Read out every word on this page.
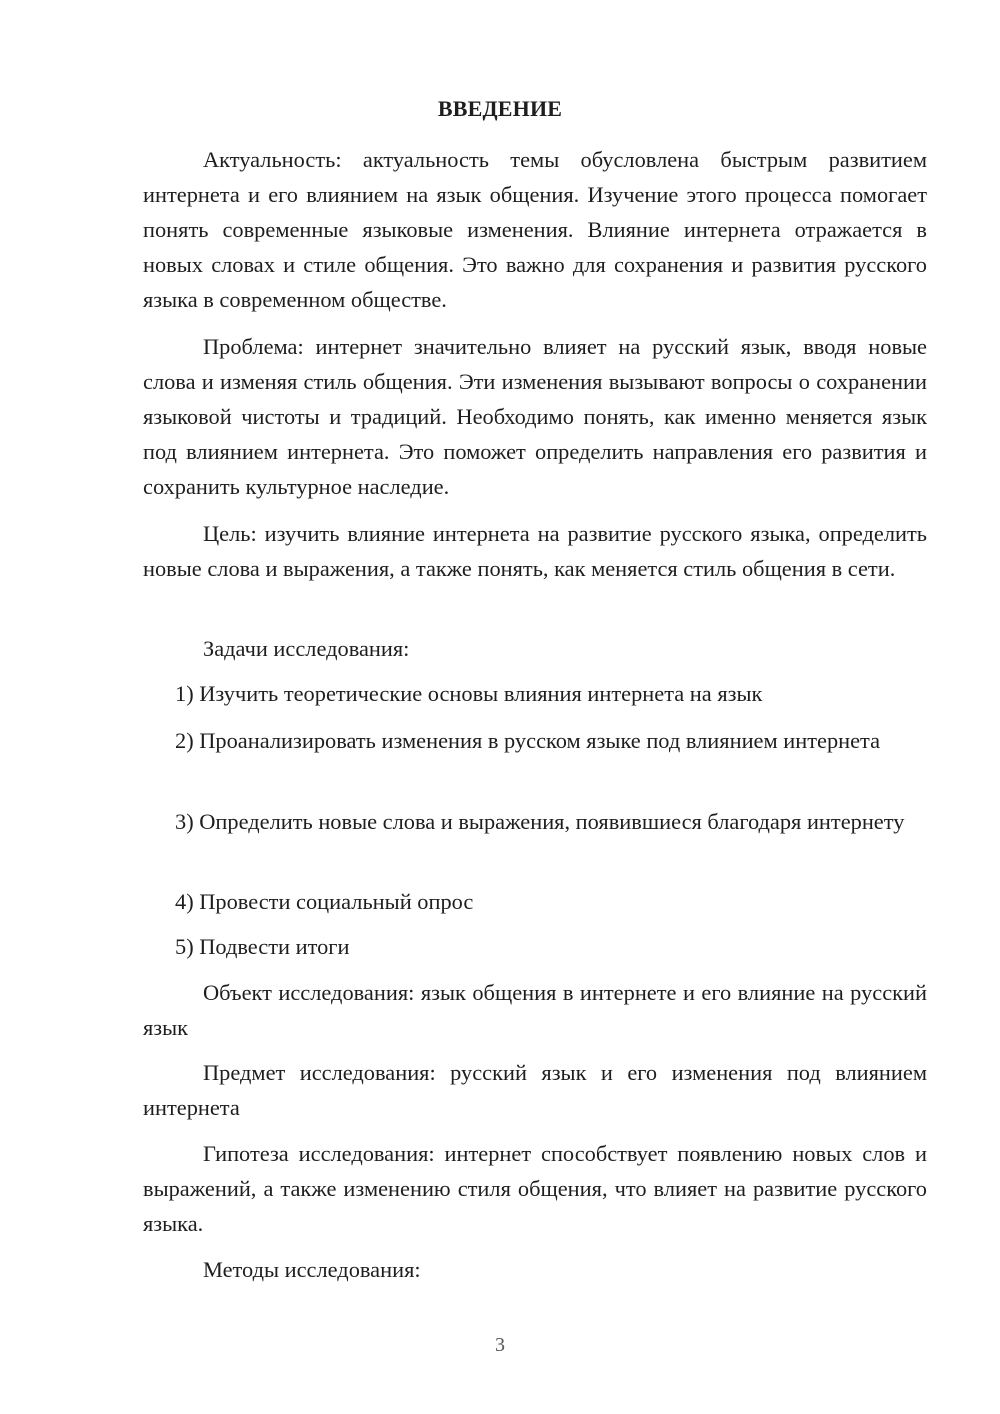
ВВЕДЕНИЕ

Актуальность: актуальность темы обусловлена быстрым развитием интернета и его влиянием на язык общения. Изучение этого процесса помогает понять современные языковые изменения. Влияние интернета отражается в новых словах и стиле общения. Это важно для сохранения и развития русского языка в современном обществе.

Проблема: интернет значительно влияет на русский язык, вводя новые слова и изменяя стиль общения. Эти изменения вызывают вопросы о сохранении языковой чистоты и традиций. Необходимо понять, как именно меняется язык под влиянием интернета. Это поможет определить направления его развития и сохранить культурное наследие.

Цель: изучить влияние интернета на развитие русского языка, определить новые слова и выражения, а также понять, как меняется стиль общения в сети.

Задачи исследования:

1) Изучить теоретические основы влияния интернета на язык

2) Проанализировать изменения в русском языке под влиянием интернета

3) Определить новые слова и выражения, появившиеся благодаря интернету

4) Провести социальный опрос

5) Подвести итоги

Объект исследования: язык общения в интернете и его влияние на русский язык

Предмет исследования: русский язык и его изменения под влиянием интернета

Гипотеза исследования: интернет способствует появлению новых слов и выражений, а также изменению стиля общения, что влияет на развитие русского языка.

Методы исследования:

3
